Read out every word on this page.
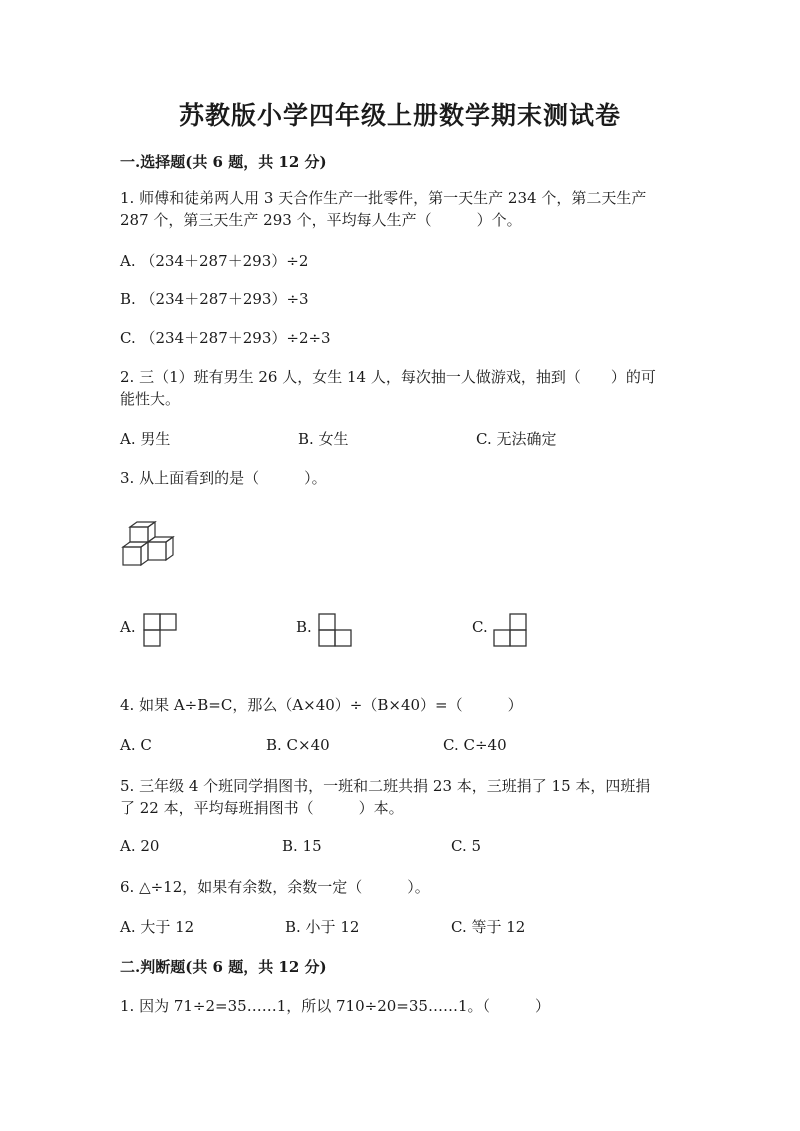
苏教版小学四年级上册数学期末测试卷
一.选择题(共 6 题，共 12 分)
1. 师傅和徒弟两人用 3 天合作生产一批零件，第一天生产 234 个，第二天生产
287 个，第三天生产 293 个，平均每人生产（　　　）个。
A. （234＋287＋293）÷2
B. （234＋287＋293）÷3
C. （234＋287＋293）÷2÷3
2. 三（1）班有男生 26 人，女生 14 人，每次抽一人做游戏，抽到（　　）的可
能性大。
A. 男生	B. 女生	C. 无法确定
3. 从上面看到的是（　　　）。
A.	B.	C.
4. 如果 A÷B=C，那么（A×40）÷（B×40）=（　　　）
A. C	B. C×40	C. C÷40
5. 三年级 4 个班同学捐图书，一班和二班共捐 23 本，三班捐了 15 本，四班捐
了 22 本，平均每班捐图书（　　　）本。
A. 20	B. 15	C. 5
6. △÷12，如果有余数，余数一定（　　　）。
A. 大于 12	B. 小于 12	C. 等于 12
二.判断题(共 6 题，共 12 分)
1. 因为 71÷2=35……1，所以 710÷20=35……1。（　　　）
